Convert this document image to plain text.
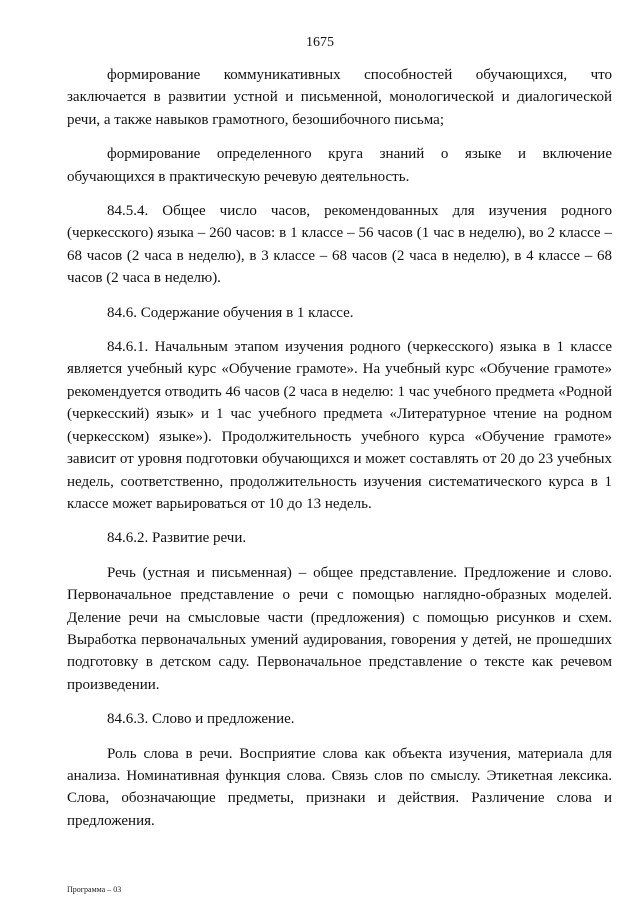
1675

формирование коммуникативных способностей обучающихся, что заключается в развитии устной и письменной, монологической и диалогической речи, а также навыков грамотного, безошибочного письма;

формирование определенного круга знаний о языке и включение обучающихся в практическую речевую деятельность.

84.5.4. Общее число часов, рекомендованных для изучения родного (черкесского) языка – 260 часов: в 1 классе – 56 часов (1 час в неделю), во 2 классе – 68 часов (2 часа в неделю), в 3 классе – 68 часов (2 часа в неделю), в 4 классе – 68 часов (2 часа в неделю).

84.6. Содержание обучения в 1 классе.

84.6.1. Начальным этапом изучения родного (черкесского) языка в 1 классе является учебный курс «Обучение грамоте». На учебный курс «Обучение грамоте» рекомендуется отводить 46 часов (2 часа в неделю: 1 час учебного предмета «Родной (черкесский) язык» и 1 час учебного предмета «Литературное чтение на родном (черкесском) языке»). Продолжительность учебного курса «Обучение грамоте» зависит от уровня подготовки обучающихся и может составлять от 20 до 23 учебных недель, соответственно, продолжительность изучения систематического курса в 1 классе может варьироваться от 10 до 13 недель.

84.6.2. Развитие речи.

Речь (устная и письменная) – общее представление. Предложение и слово. Первоначальное представление о речи с помощью наглядно-образных моделей. Деление речи на смысловые части (предложения) с помощью рисунков и схем. Выработка первоначальных умений аудирования, говорения у детей, не прошедших подготовку в детском саду. Первоначальное представление о тексте как речевом произведении.

84.6.3. Слово и предложение.

Роль слова в речи. Восприятие слова как объекта изучения, материала для анализа. Номинативная функция слова. Связь слов по смыслу. Этикетная лексика. Слова, обозначающие предметы, признаки и действия. Различение слова и предложения.

Программа – 03
